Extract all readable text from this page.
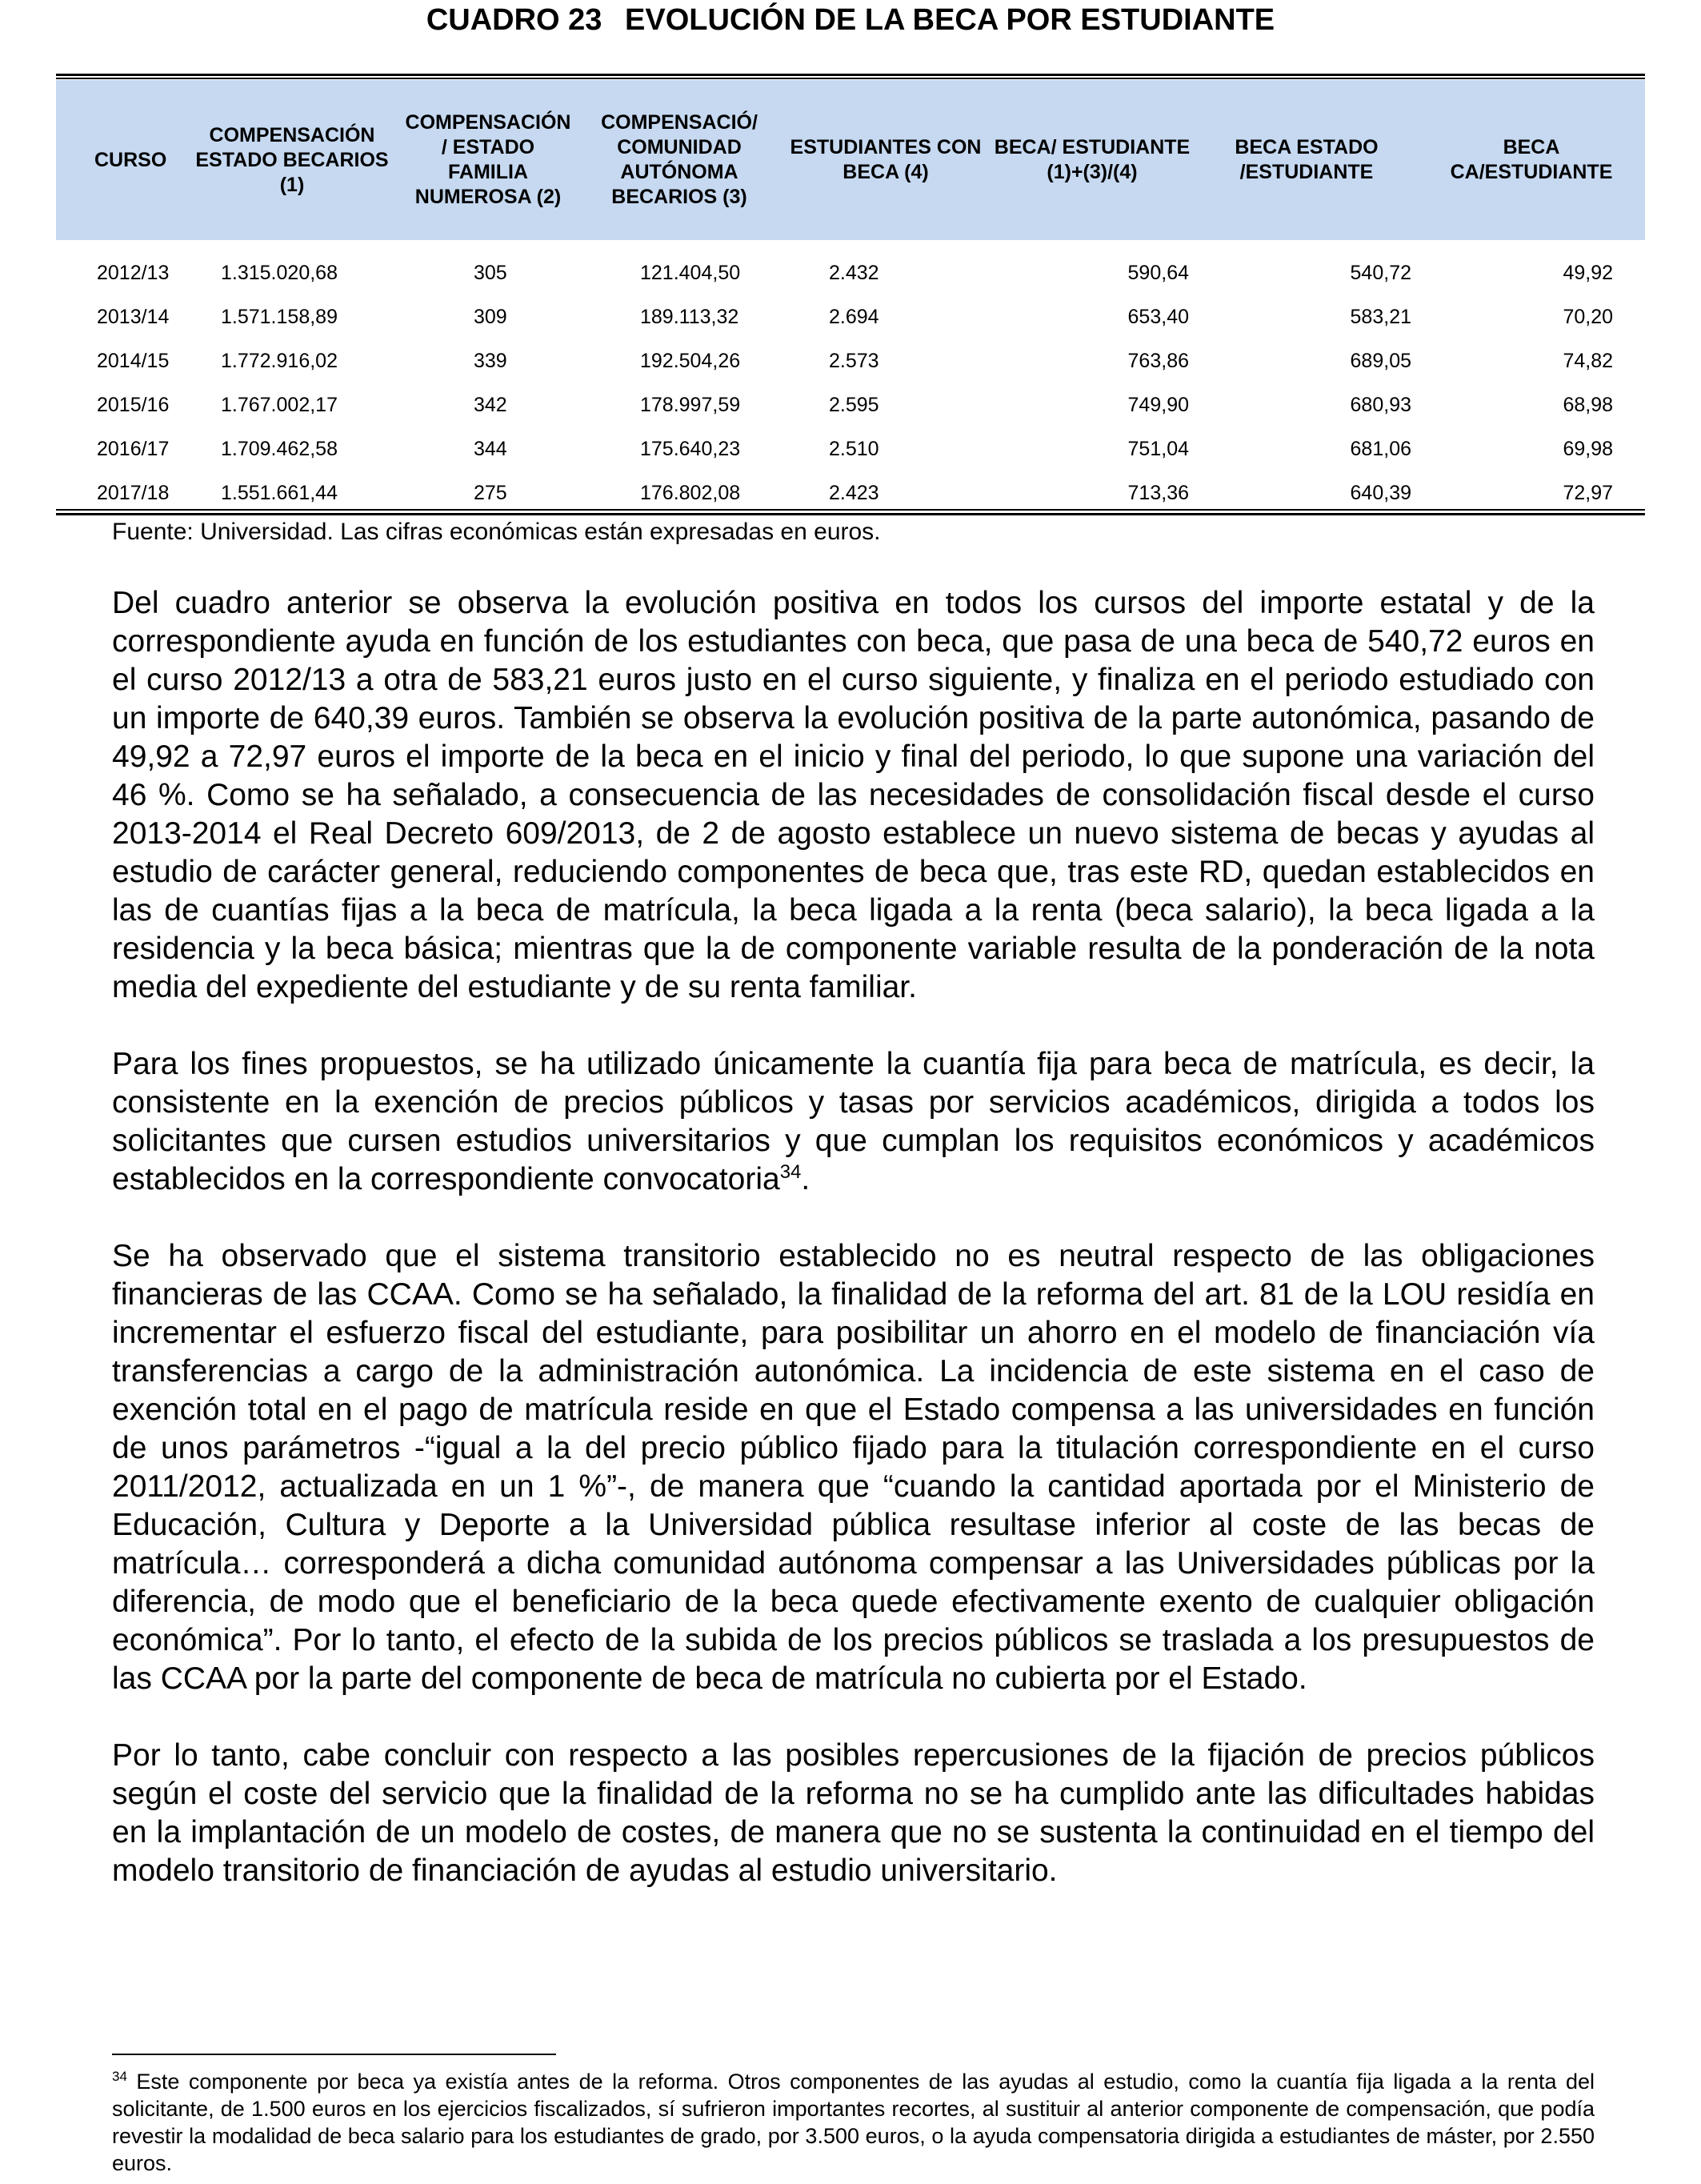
CUADRO 23 EVOLUCIÓN DE LA BECA POR ESTUDIANTE
CURSO	COMPENSACIÓN ESTADO BECARIOS (1)	COMPENSACIÓN / ESTADO FAMILIA NUMEROSA (2)	COMPENSACIÓ/ COMUNIDAD AUTÓNOMA BECARIOS (3)	ESTUDIANTES CON BECA (4)	BECA/ ESTUDIANTE (1)+(3)/(4)	BECA ESTADO /ESTUDIANTE	BECA CA/ESTUDIANTE
2012/13	1.315.020,68	305	121.404,50	2.432	590,64	540,72	49,92
2013/14	1.571.158,89	309	189.113,32	2.694	653,40	583,21	70,20
2014/15	1.772.916,02	339	192.504,26	2.573	763,86	689,05	74,82
2015/16	1.767.002,17	342	178.997,59	2.595	749,90	680,93	68,98
2016/17	1.709.462,58	344	175.640,23	2.510	751,04	681,06	69,98
2017/18	1.551.661,44	275	176.802,08	2.423	713,36	640,39	72,97
Fuente: Universidad. Las cifras económicas están expresadas en euros.

Del cuadro anterior se observa la evolución positiva en todos los cursos del importe estatal y de la correspondiente ayuda en función de los estudiantes con beca, que pasa de una beca de 540,72 euros en el curso 2012/13 a otra de 583,21 euros justo en el curso siguiente, y finaliza en el periodo estudiado con un importe de 640,39 euros. También se observa la evolución positiva de la parte autonómica, pasando de 49,92 a 72,97 euros el importe de la beca en el inicio y final del periodo, lo que supone una variación del 46 %. Como se ha señalado, a consecuencia de las necesidades de consolidación fiscal desde el curso 2013-2014 el Real Decreto 609/2013, de 2 de agosto establece un nuevo sistema de becas y ayudas al estudio de carácter general, reduciendo componentes de beca que, tras este RD, quedan establecidos en las de cuantías fijas a la beca de matrícula, la beca ligada a la renta (beca salario), la beca ligada a la residencia y la beca básica; mientras que la de componente variable resulta de la ponderación de la nota media del expediente del estudiante y de su renta familiar.

Para los fines propuestos, se ha utilizado únicamente la cuantía fija para beca de matrícula, es decir, la consistente en la exención de precios públicos y tasas por servicios académicos, dirigida a todos los solicitantes que cursen estudios universitarios y que cumplan los requisitos económicos y académicos establecidos en la correspondiente convocatoria$^{34}$.

Se ha observado que el sistema transitorio establecido no es neutral respecto de las obligaciones financieras de las CCAA. Como se ha señalado, la finalidad de la reforma del art. 81 de la LOU residía en incrementar el esfuerzo fiscal del estudiante, para posibilitar un ahorro en el modelo de financiación vía transferencias a cargo de la administración autonómica. La incidencia de este sistema en el caso de exención total en el pago de matrícula reside en que el Estado compensa a las universidades en función de unos parámetros -“igual a la del precio público fijado para la titulación correspondiente en el curso 2011/2012, actualizada en un 1 %”-, de manera que “cuando la cantidad aportada por el Ministerio de Educación, Cultura y Deporte a la Universidad pública resultase inferior al coste de las becas de matrícula… corresponderá a dicha comunidad autónoma compensar a las Universidades públicas por la diferencia, de modo que el beneficiario de la beca quede efectivamente exento de cualquier obligación económica”. Por lo tanto, el efecto de la subida de los precios públicos se traslada a los presupuestos de las CCAA por la parte del componente de beca de matrícula no cubierta por el Estado.

Por lo tanto, cabe concluir con respecto a las posibles repercusiones de la fijación de precios públicos según el coste del servicio que la finalidad de la reforma no se ha cumplido ante las dificultades habidas en la implantación de un modelo de costes, de manera que no se sustenta la continuidad en el tiempo del modelo transitorio de financiación de ayudas al estudio universitario.

$^{34}$ Este componente por beca ya existía antes de la reforma. Otros componentes de las ayudas al estudio, como la cuantía fija ligada a la renta del solicitante, de 1.500 euros en los ejercicios fiscalizados, sí sufrieron importantes recortes, al sustituir al anterior componente de compensación, que podía revestir la modalidad de beca salario para los estudiantes de grado, por 3.500 euros, o la ayuda compensatoria dirigida a estudiantes de máster, por 2.550 euros.
